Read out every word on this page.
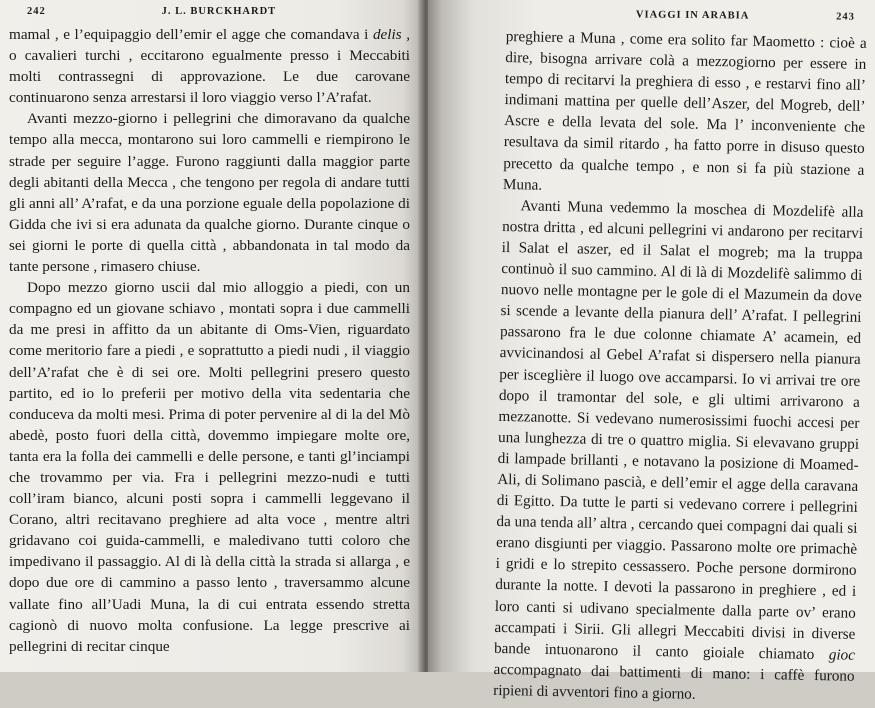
242	J. L. BURCKHARDT

mamal , e l’equipaggio dell’emir el agge che comandava i delis , o cavalieri turchi , eccitarono egualmente presso i Meccabiti molti contrassegni di approvazione. Le due carovane continuarono senza arrestarsi il loro viaggio verso l’A’rafat.

Avanti mezzo-giorno i pellegrini che dimoravano da qualche tempo alla mecca, montarono sui loro cammelli e riempirono le strade per seguire l’agge. Furono raggiunti dalla maggior parte degli abitanti della Mecca , che tengono per regola di andare tutti gli anni all’ A’rafat, e da una porzione eguale della popolazione di Gidda che ivi si era adunata da qualche giorno. Durante cinque o sei giorni le porte di quella città , abbandonata in tal modo da tante persone , rimasero chiuse.

Dopo mezzo giorno uscii dal mio alloggio a piedi, con un compagno ed un giovane schiavo , montati sopra i due cammelli da me presi in affitto da un abitante di Oms-Vien, riguardato come meritorio fare a piedi , e soprattutto a piedi nudi , il viaggio dell’A’rafat che è di sei ore. Molti pellegrini presero questo partito, ed io lo preferii per motivo della vita sedentaria che conduceva da molti mesi. Prima di poter pervenire al di la del Mò abedè, posto fuori della città, dovemmo impiegare molte ore, tanta era la folla dei cammelli e delle persone, e tanti gl’inciampi che trovammo per via. Fra i pellegrini mezzo-nudi e tutti coll’iram bianco, alcuni posti sopra i cammelli leggevano il Corano, altri recitavano preghiere ad alta voce , mentre altri gridavano coi guida-cammelli, e maledivano tutti coloro che impedivano il passaggio. Al di là della città la strada si allarga , e dopo due ore di cammino a passo lento , traversammo alcune vallate fino all’Uadi Muna, la di cui entrata essendo stretta cagionò di nuovo molta confusione. La legge prescrive ai pellegrini di recitar cinque

VIAGGI IN ARABIA	243

preghiere a Muna , come era solito far Maometto : cioè a dire, bisogna arrivare colà a mezzogiorno per essere in tempo di recitarvi la preghiera di esso , e restarvi fino all’ indimani mattina per quelle dell’Aszer, del Mogreb, dell’ Ascre e della levata del sole. Ma l’ inconveniente che resultava da simil ritardo , ha fatto porre in disuso questo precetto da qualche tempo , e non si fa più stazione a Muna.

Avanti Muna vedemmo la moschea di Mozdelifè alla nostra dritta , ed alcuni pellegrini vi andarono per recitarvi il Salat el aszer, ed il Salat el mogreb; ma la truppa continuò il suo cammino. Al di là di Mozdelifè salimmo di nuovo nelle montagne per le gole di el Mazumein da dove si scende a levante della pianura dell’ A’rafat. I pellegrini passarono fra le due colonne chiamate A’ acamein, ed avvicinandosi al Gebel A’rafat si dispersero nella pianura per isceglière il luogo ove accamparsi. Io vi arrivai tre ore dopo il tramontar del sole, e gli ultimi arrivarono a mezzanotte. Si vedevano numerosissimi fuochi accesi per una lunghezza di tre o quattro miglia. Si elevavano gruppi di lampade brillanti , e notavano la posizione di Moamed-Ali, di Solimano pascià, e dell’emir el agge della caravana di Egitto. Da tutte le parti si vedevano correre i pellegrini da una tenda all’ altra , cercando quei compagni dai quali si erano disgiunti per viaggio. Passarono molte ore primachè i gridi e lo strepito cessassero. Poche persone dormirono durante la notte. I devoti la passarono in preghiere , ed i loro canti si udivano specialmente dalla parte ov’ erano accampati i Sirii. Gli allegri Meccabiti divisi in diverse bande intuonarono il canto gioiale chiamato gioc accompagnato dai battimenti di mano: i caffè furono ripieni di avventori fino a giorno.
